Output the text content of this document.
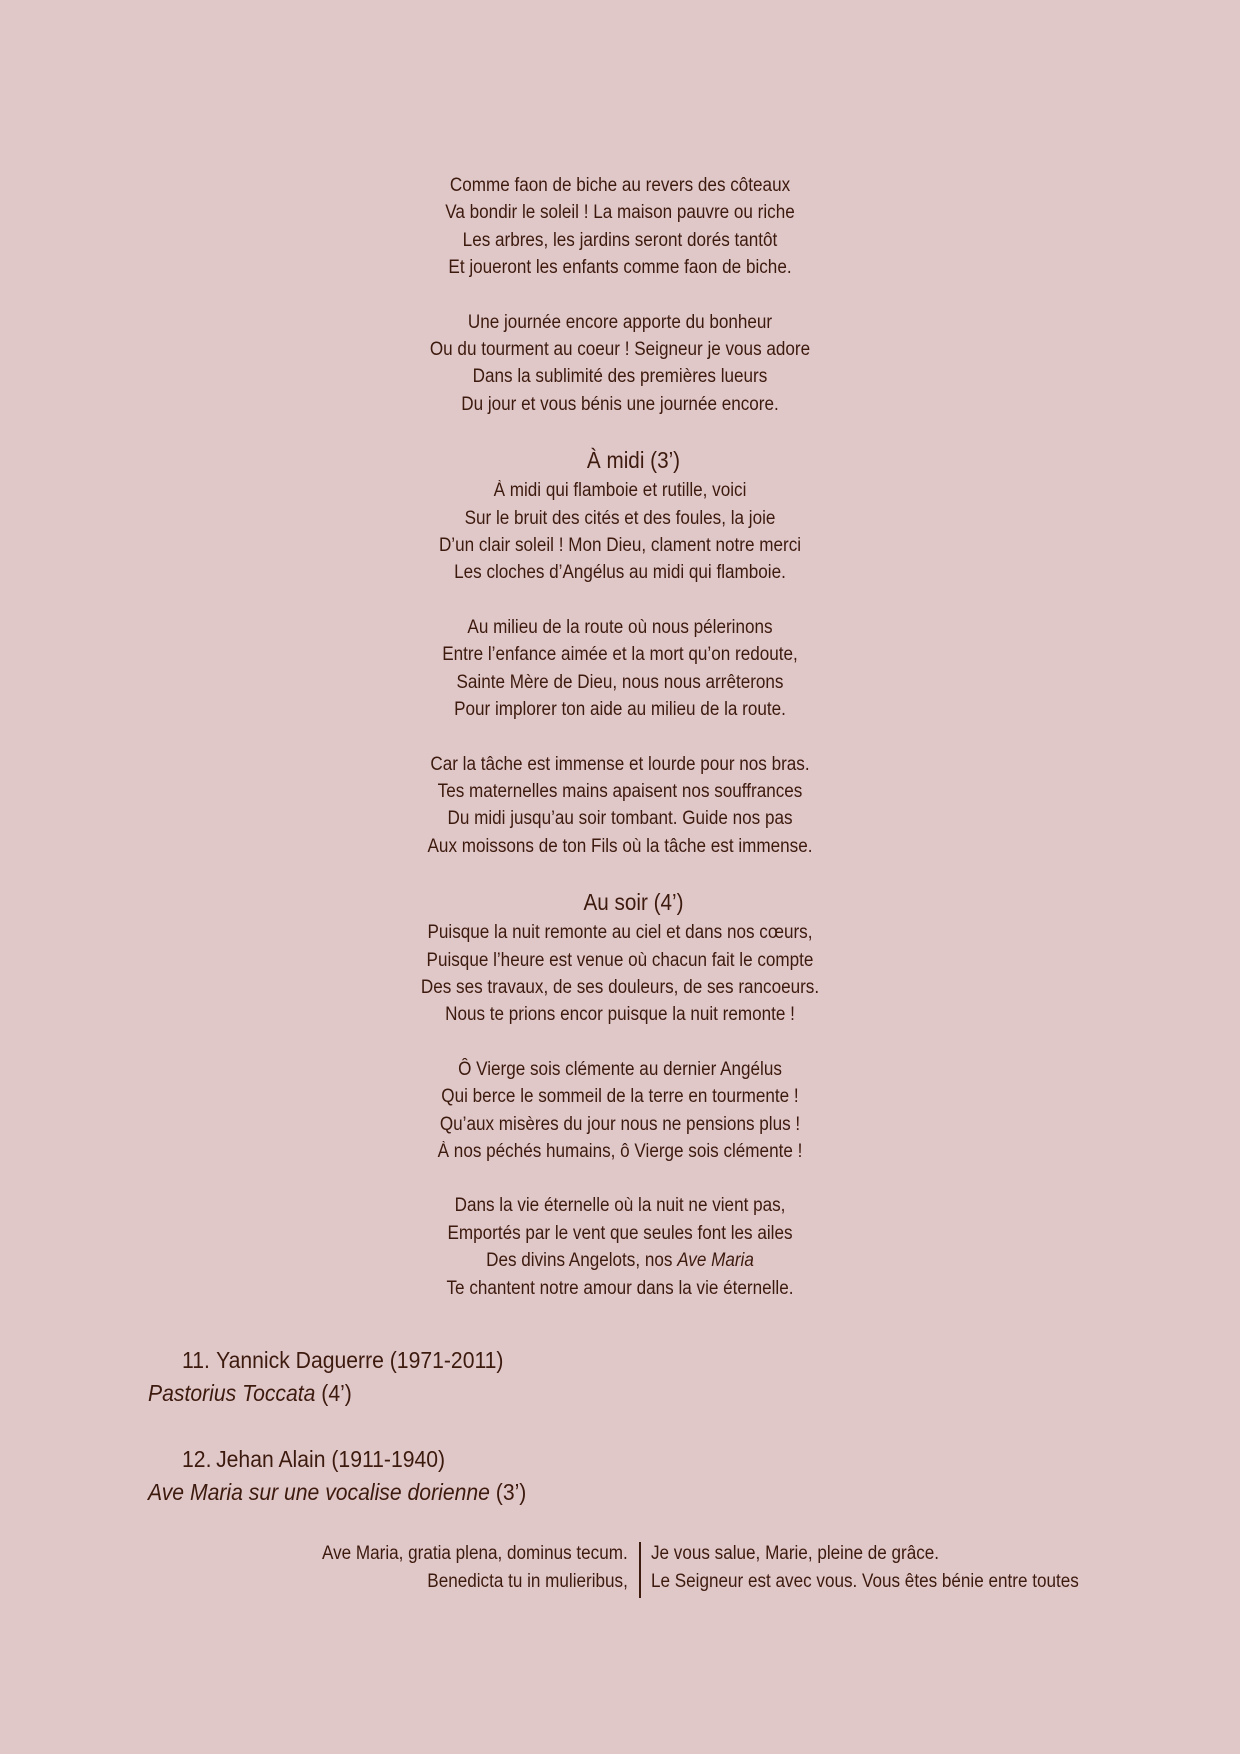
Comme faon de biche au revers des côteaux
Va bondir le soleil ! La maison pauvre ou riche
Les arbres, les jardins seront dorés tantôt
Et joueront les enfants comme faon de biche.
Une journée encore apporte du bonheur
Ou du tourment au coeur ! Seigneur je vous adore
Dans la sublimité des premières lueurs
Du jour et vous bénis une journée encore.
À midi (3’)
À midi qui flamboie et rutille, voici
Sur le bruit des cités et des foules, la joie
D’un clair soleil ! Mon Dieu, clament notre merci
Les cloches d’Angélus au midi qui flamboie.
Au milieu de la route où nous pélerinons
Entre l’enfance aimée et la mort qu’on redoute,
Sainte Mère de Dieu, nous nous arrêterons
Pour implorer ton aide au milieu de la route.
Car la tâche est immense et lourde pour nos bras.
Tes maternelles mains apaisent nos souffrances
Du midi jusqu’au soir tombant. Guide nos pas
Aux moissons de ton Fils où la tâche est immense.
Au soir (4’)
Puisque la nuit remonte au ciel et dans nos cœurs,
Puisque l’heure est venue où chacun fait le compte
Des ses travaux, de ses douleurs, de ses rancoeurs.
Nous te prions encor puisque la nuit remonte !
Ô Vierge sois clémente au dernier Angélus
Qui berce le sommeil de la terre en tourmente !
Qu’aux misères du jour nous ne pensions plus !
À nos péchés humains, ô Vierge sois clémente !
Dans la vie éternelle où la nuit ne vient pas,
Emportés par le vent que seules font les ailes
Des divins Angelots, nos Ave Maria
Te chantent notre amour dans la vie éternelle.
11. Yannick Daguerre (1971-2011)
Pastorius Toccata (4’)
12. Jehan Alain (1911-1940)
Ave Maria sur une vocalise dorienne (3’)
Ave Maria, gratia plena, dominus tecum. Je vous salue, Marie, pleine de grâce.
Benedicta tu in mulieribus, Le Seigneur est avec vous. Vous êtes bénie entre toutes
